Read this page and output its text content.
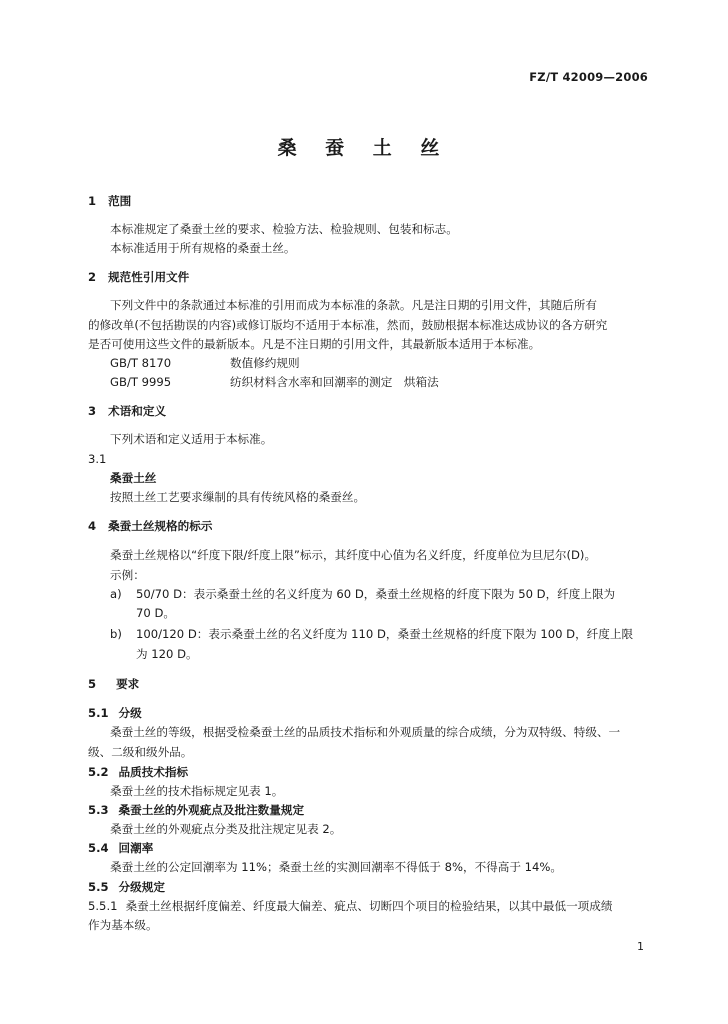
FZ/T 42009—2006
桑 蚕 土 丝
1 范围
本标准规定了桑蚕土丝的要求、检验方法、检验规则、包装和标志。
本标准适用于所有规格的桑蚕土丝。
2 规范性引用文件
下列文件中的条款通过本标准的引用而成为本标准的条款。凡是注日期的引用文件，其随后所有
的修改单(不包括勘误的内容)或修订版均不适用于本标准，然而，鼓励根据本标准达成协议的各方研究
是否可使用这些文件的最新版本。凡是不注日期的引用文件，其最新版本适用于本标准。
GB/T 8170	数值修约规则
GB/T 9995	纺织材料含水率和回潮率的测定　烘箱法
3 术语和定义
下列术语和定义适用于本标准。
3.1
桑蚕土丝
按照土丝工艺要求缫制的具有传统风格的桑蚕丝。
4 桑蚕土丝规格的标示
桑蚕土丝规格以“纤度下限/纤度上限”标示，其纤度中心值为名义纤度，纤度单位为旦尼尔(D)。
示例：
a)	50/70 D：表示桑蚕土丝的名义纤度为 60 D，桑蚕土丝规格的纤度下限为 50 D，纤度上限为
70 D。
b)	100/120 D：表示桑蚕土丝的名义纤度为 110 D，桑蚕土丝规格的纤度下限为 100 D，纤度上限
为 120 D。
5 要求
5.1 分级
桑蚕土丝的等级，根据受检桑蚕土丝的品质技术指标和外观质量的综合成绩，分为双特级、特级、一
级、二级和级外品。
5.2 品质技术指标
桑蚕土丝的技术指标规定见表 1。
5.3 桑蚕土丝的外观疵点及批注数量规定
桑蚕土丝的外观疵点分类及批注规定见表 2。
5.4 回潮率
桑蚕土丝的公定回潮率为 11%；桑蚕土丝的实测回潮率不得低于 8%，不得高于 14%。
5.5 分级规定
5.5.1 桑蚕土丝根据纤度偏差、纤度最大偏差、疵点、切断四个项目的检验结果，以其中最低一项成绩
作为基本级。
1
